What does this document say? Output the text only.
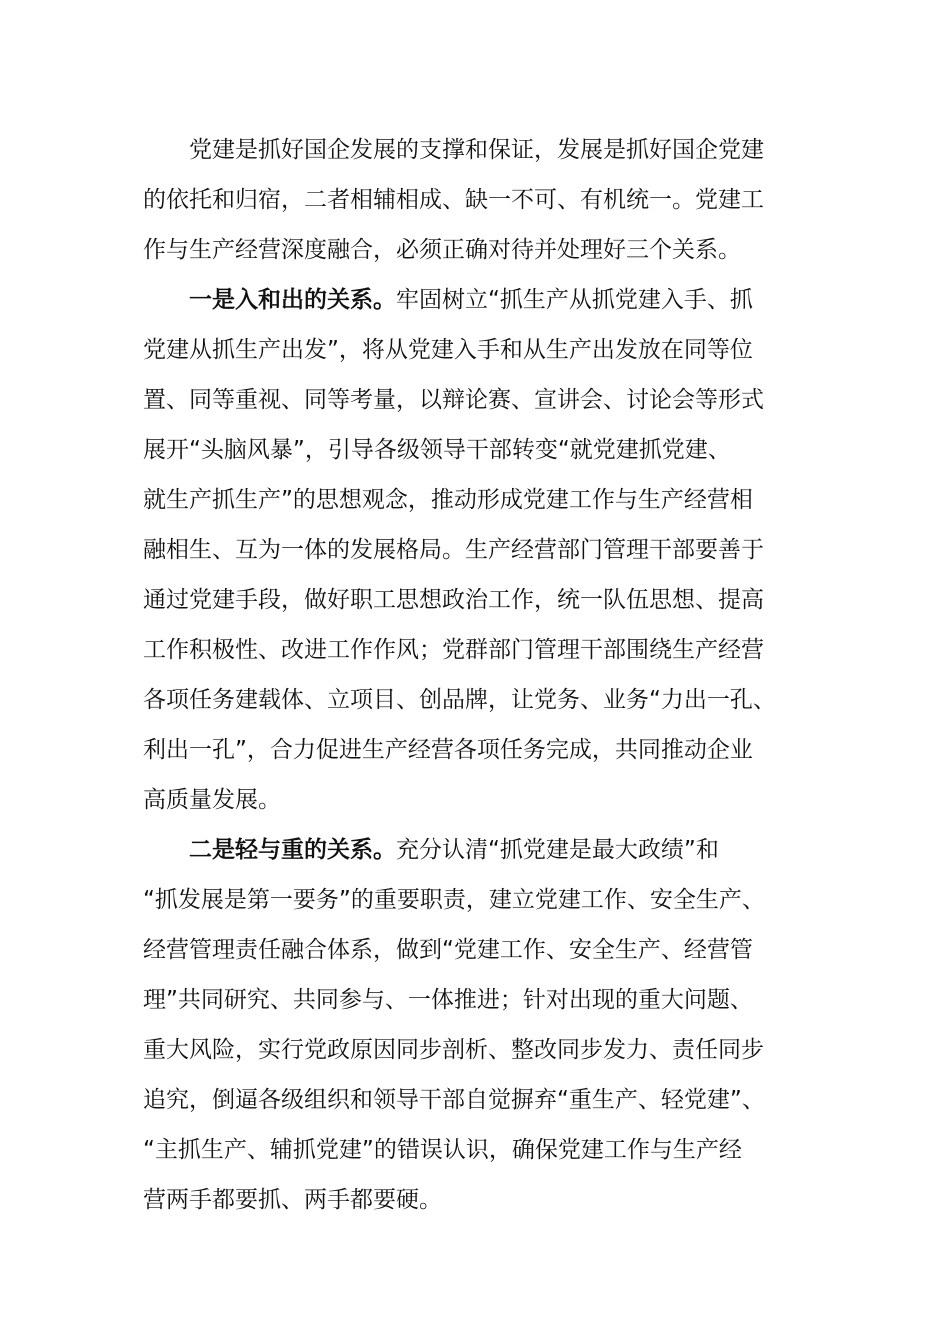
党建是抓好国企发展的支撑和保证，发展是抓好国企党建
的依托和归宿，二者相辅相成、缺一不可、有机统一。党建工
作与生产经营深度融合，必须正确对待并处理好三个关系。
一是入和出的关系。牢固树立“抓生产从抓党建入手、抓
党建从抓生产出发”，将从党建入手和从生产出发放在同等位
置、同等重视、同等考量，以辩论赛、宣讲会、讨论会等形式
展开“头脑风暴”，引导各级领导干部转变“就党建抓党建、
就生产抓生产”的思想观念，推动形成党建工作与生产经营相
融相生、互为一体的发展格局。生产经营部门管理干部要善于
通过党建手段，做好职工思想政治工作，统一队伍思想、提高
工作积极性、改进工作作风；党群部门管理干部围绕生产经营
各项任务建载体、立项目、创品牌，让党务、业务“力出一孔、
利出一孔”，合力促进生产经营各项任务完成，共同推动企业
高质量发展。
二是轻与重的关系。充分认清“抓党建是最大政绩”和
“抓发展是第一要务”的重要职责，建立党建工作、安全生产、
经营管理责任融合体系，做到“党建工作、安全生产、经营管
理”共同研究、共同参与、一体推进；针对出现的重大问题、
重大风险，实行党政原因同步剖析、整改同步发力、责任同步
追究，倒逼各级组织和领导干部自觉摒弃“重生产、轻党建”、
“主抓生产、辅抓党建”的错误认识，确保党建工作与生产经
营两手都要抓、两手都要硬。
